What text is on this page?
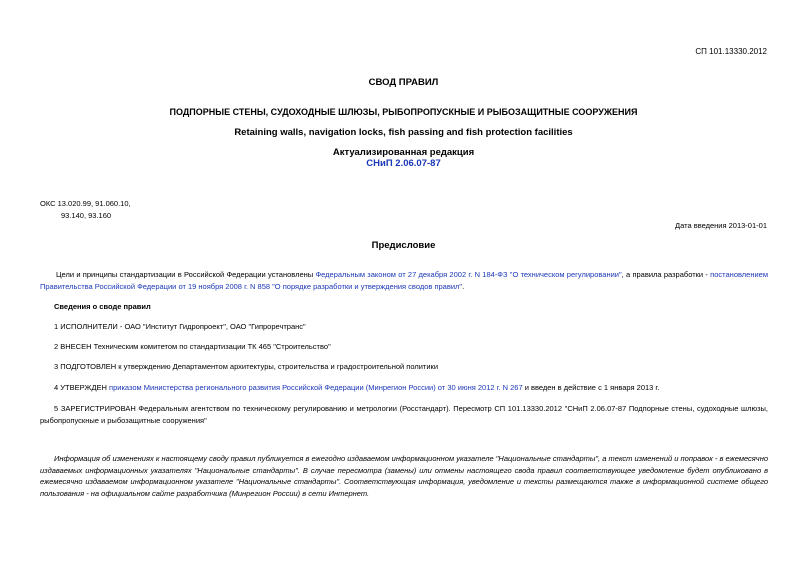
СП 101.13330.2012
СВОД ПРАВИЛ
ПОДПОРНЫЕ СТЕНЫ, СУДОХОДНЫЕ ШЛЮЗЫ, РЫБОПРОПУСКНЫЕ И РЫБОЗАЩИТНЫЕ СООРУЖЕНИЯ
Retaining walls, navigation locks, fish passing and fish protection facilities
Актуализированная редакция
СНиП 2.06.07-87
ОКС 13.020.99, 91.060.10,
93.140, 93.160
Дата введения 2013-01-01
Предисловие
Цели и принципы стандартизации в Российской Федерации установлены Федеральным законом от 27 декабря 2002 г. N 184-ФЗ "О техническом регулировании", а правила разработки - постановлением Правительства Российской Федерации от 19 ноября 2008 г. N 858 "О порядке разработки и утверждения сводов правил".
Сведения о своде правил
1 ИСПОЛНИТЕЛИ - ОАО "Институт Гидропроект", ОАО "Гипроречтранс"
2 ВНЕСЕН Техническим комитетом по стандартизации ТК 465 "Строительство"
3 ПОДГОТОВЛЕН к утверждению Департаментом архитектуры, строительства и градостроительной политики
4 УТВЕРЖДЕН приказом Министерства регионального развития Российской Федерации (Минрегион России) от 30 июня 2012 г. N 267 и введен в действие с 1 января 2013 г.
5 ЗАРЕГИСТРИРОВАН Федеральным агентством по техническому регулированию и метрологии (Росстандарт). Пересмотр СП 101.13330.2012 "СНиП 2.06.07-87 Подпорные стены, судоходные шлюзы, рыбопропускные и рыбозащитные сооружения"
Информация об изменениях к настоящему своду правил публикуется в ежегодно издаваемом информационном указателе "Национальные стандарты", а текст изменений и поправок - в ежемесячно издаваемых информационных указателях "Национальные стандарты". В случае пересмотра (замены) или отмены настоящего свода правил соответствующее уведомление будет опубликовано в ежемесячно издаваемом информационном указателе "Национальные стандарты". Соответствующая информация, уведомление и тексты размещаются также в информационной системе общего пользования - на официальном сайте разработчика (Минрегион России) в сети Интернет.
